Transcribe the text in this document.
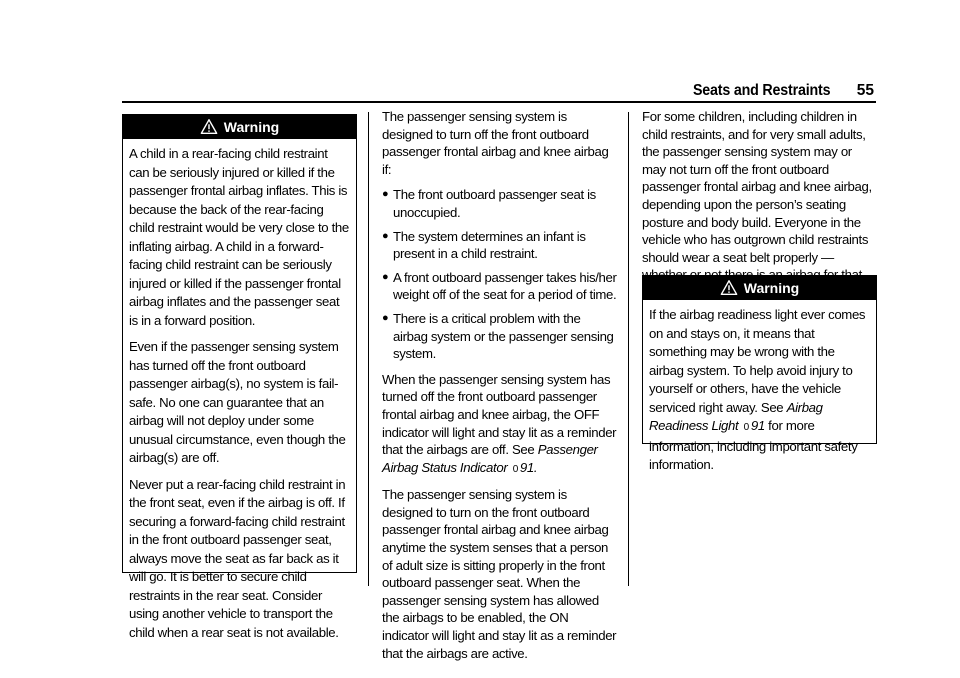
Seats and Restraints 55
Warning

A child in a rear-facing child restraint can be seriously injured or killed if the passenger frontal airbag inflates. This is because the back of the rear-facing child restraint would be very close to the inflating airbag. A child in a forward-facing child restraint can be seriously injured or killed if the passenger frontal airbag inflates and the passenger seat is in a forward position.

Even if the passenger sensing system has turned off the front outboard passenger airbag(s), no system is fail-safe. No one can guarantee that an airbag will not deploy under some unusual circumstance, even though the airbag(s) are off.

Never put a rear-facing child restraint in the front seat, even if the airbag is off. If securing a forward-facing child restraint in the front outboard passenger seat, always move the seat as far back as it will go. It is better to secure child restraints in the rear seat. Consider using another vehicle to transport the child when a rear seat is not available.

The passenger sensing system is designed to turn off the front outboard passenger frontal airbag and knee airbag if:

● The front outboard passenger seat is unoccupied.
● The system determines an infant is present in a child restraint.
● A front outboard passenger takes his/her weight off of the seat for a period of time.
● There is a critical problem with the airbag system or the passenger sensing system.

When the passenger sensing system has turned off the front outboard passenger frontal airbag and knee airbag, the OFF indicator will light and stay lit as a reminder that the airbags are off. See Passenger Airbag Status Indicator 0 91.

The passenger sensing system is designed to turn on the front outboard passenger frontal airbag and knee airbag anytime the system senses that a person of adult size is sitting properly in the front outboard passenger seat. When the passenger sensing system has allowed the airbags to be enabled, the ON indicator will light and stay lit as a reminder that the airbags are active.

For some children, including children in child restraints, and for very small adults, the passenger sensing system may or may not turn off the front outboard passenger frontal airbag and knee airbag, depending upon the person’s seating posture and body build. Everyone in the vehicle who has outgrown child restraints should wear a seat belt properly —

Warning

If the airbag readiness light ever comes on and stays on, it means that something may be wrong with the airbag system. To help avoid injury to yourself or others, have the vehicle serviced right away. See Airbag Readiness Light 0 91 for more information, including important safety information.
